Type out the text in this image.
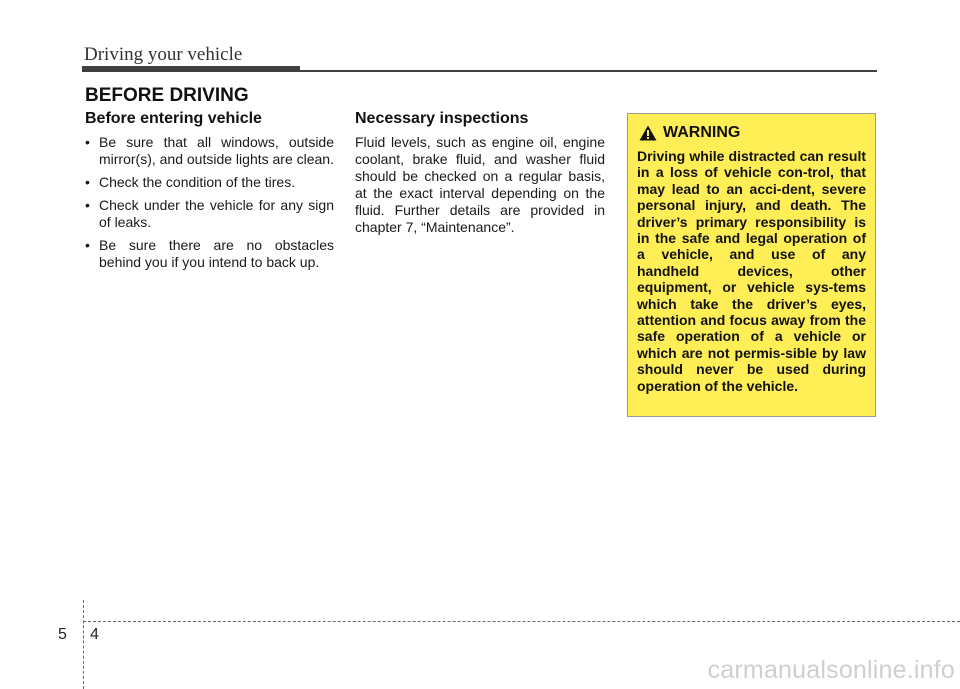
Driving your vehicle
BEFORE DRIVING
Before entering vehicle
• Be sure that all windows, outside mirror(s), and outside lights are clean.
• Check the condition of the tires.
• Check under the vehicle for any sign of leaks.
• Be sure there are no obstacles behind you if you intend to back up.
Necessary inspections

Fluid levels, such as engine oil, engine coolant, brake fluid, and washer fluid should be checked on a regular basis, at the exact interval depending on the fluid. Further details are provided in chapter 7, “Maintenance”.

WARNING

Driving while distracted can result in a loss of vehicle con-trol, that may lead to an acci-dent, severe personal injury, and death. The driver’s primary responsibility is in the safe and legal operation of a vehicle, and use of any handheld devices, other equipment, or vehicle sys-tems which take the driver’s eyes, attention and focus away from the safe operation of a vehicle or which are not permis-sible by law should never be used during operation of the vehicle.

5 4
carmanualsonline.info
